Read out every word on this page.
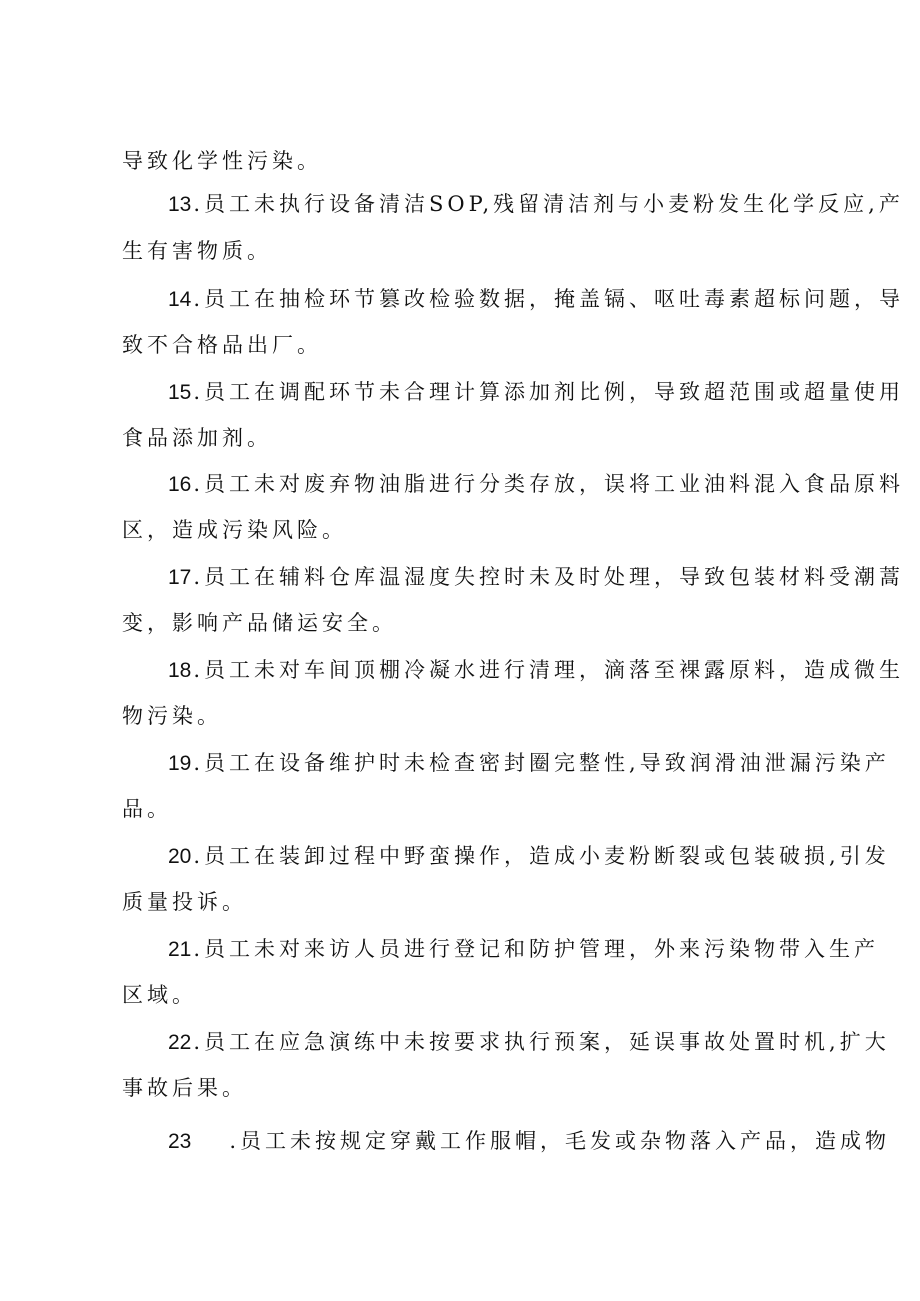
导致化学性污染。
13.员工未执行设备清洁SOP,残留清洁剂与小麦粉发生化学反应,产
生有害物质。
14.员工在抽检环节篡改检验数据，掩盖镉、呕吐毒素超标问题，导
致不合格品出厂。
15.员工在调配环节未合理计算添加剂比例，导致超范围或超量使用
食品添加剂。
16.员工未对废弃物油脂进行分类存放，误将工业油料混入食品原料
区，造成污染风险。
17.员工在辅料仓库温湿度失控时未及时处理，导致包装材料受潮蒿
变，影响产品储运安全。
18.员工未对车间顶棚冷凝水进行清理，滴落至裸露原料，造成微生
物污染。
19.员工在设备维护时未检查密封圈完整性,导致润滑油泄漏污染产
品。
20.员工在装卸过程中野蛮操作，造成小麦粉断裂或包装破损,引发
质量投诉。
21.员工未对来访人员进行登记和防护管理，外来污染物带入生产
区域。
22.员工在应急演练中未按要求执行预案，延误事故处置时机,扩大
事故后果。
23 .员工未按规定穿戴工作服帽，毛发或杂物落入产品，造成物
